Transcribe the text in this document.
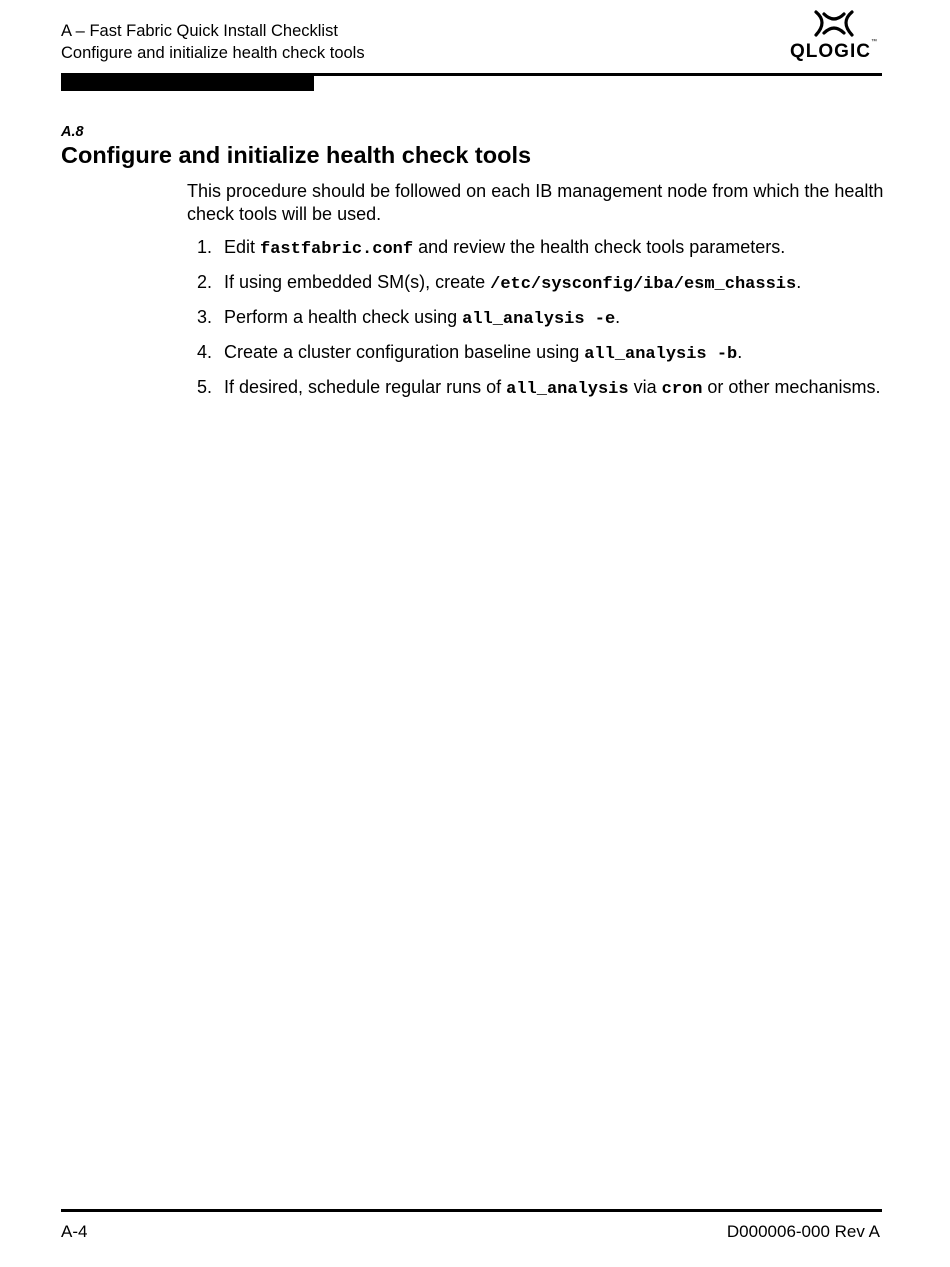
A – Fast Fabric Quick Install Checklist
Configure and initialize health check tools	QLOGIC™
A.8
Configure and initialize health check tools

This procedure should be followed on each IB management node from which the health check tools will be used.

1. Edit fastfabric.conf and review the health check tools parameters.
2. If using embedded SM(s), create /etc/sysconfig/iba/esm_chassis.
3. Perform a health check using all_analysis -e.
4. Create a cluster configuration baseline using all_analysis -b.
5. If desired, schedule regular runs of all_analysis via cron or other mechanisms.
A-4	D000006-000 Rev A
